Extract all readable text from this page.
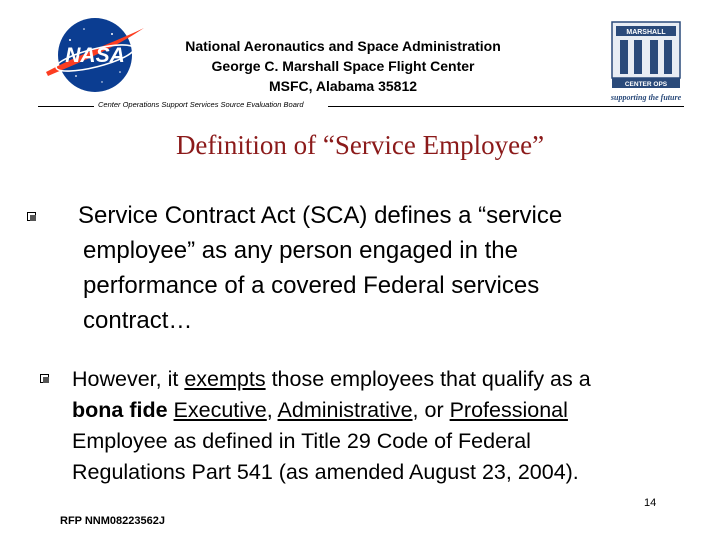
NASA	National Aeronautics and Space Administration
George C. Marshall Space Flight Center
MSFC, Alabama 35812
Center Operations Support Services Source Evaluation Board
MARSHALL
CENTER OPS
supporting the future
Definition of “Service Employee”
Service Contract Act (SCA) defines a “service
employee” as any person engaged in the
performance of a covered Federal services
contract…
However, it exempts those employees that qualify as a
bona fide Executive, Administrative, or Professional
Employee as defined in Title 29 Code of Federal
Regulations Part 541 (as amended August 23, 2004).
14
RFP NNM08223562J
